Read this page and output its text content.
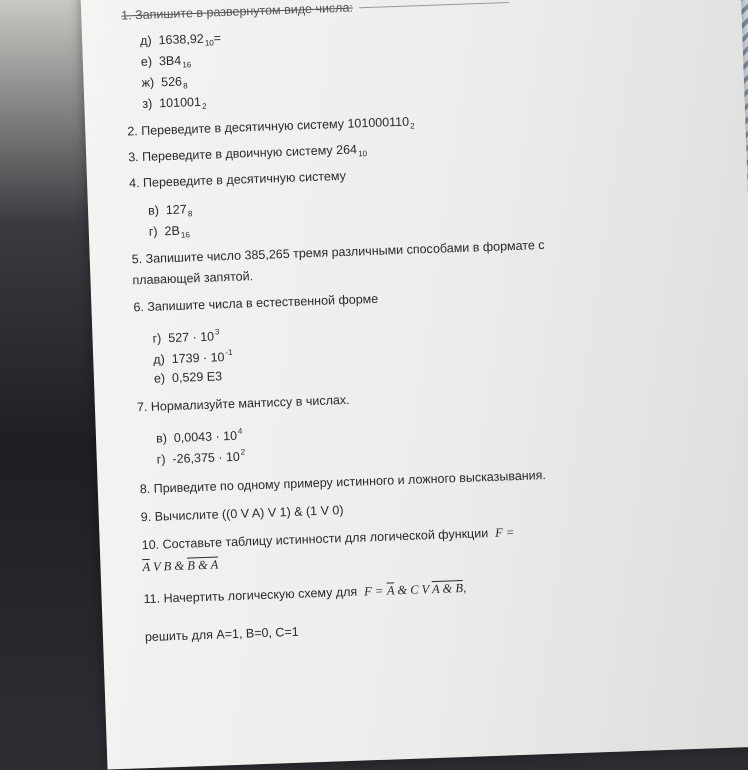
1. Запишите в развернутом виде числа:
д) $1638,92_{10}=$
е) $3B4_{16}$
ж) $526_8$
з) $101001_2$
2. Переведите в десятичную систему $101000110_2$
3. Переведите в двоичную систему $264_{10}$
4. Переведите в десятичную систему
в) $127_8$
г) $2B_{16}$
5. Запишите число 385,265 тремя различными способами в формате с
плавающей запятой.
6. Запишите числа в естественной форме
г) $527 \cdot 10^3$
д) $1739 \cdot 10^{-1}$
е) 0,529 Е3
7. Нормализуйте мантиссу в числах.
в) $0,0043 \cdot 10^4$
г) $-26,375 \cdot 10^2$
8. Приведите по одному примеру истинного и ложного высказывания.
9. Вычислите ((0 V A) V 1) & (1 V 0)
10. Составьте таблицу истинности для логической функции F =
$\overline{A}$ V B & B & A
11. Начертить логическую схему для $F = \overline{A}$ & C V A & B,
решить для А=1, В=0, С=1
